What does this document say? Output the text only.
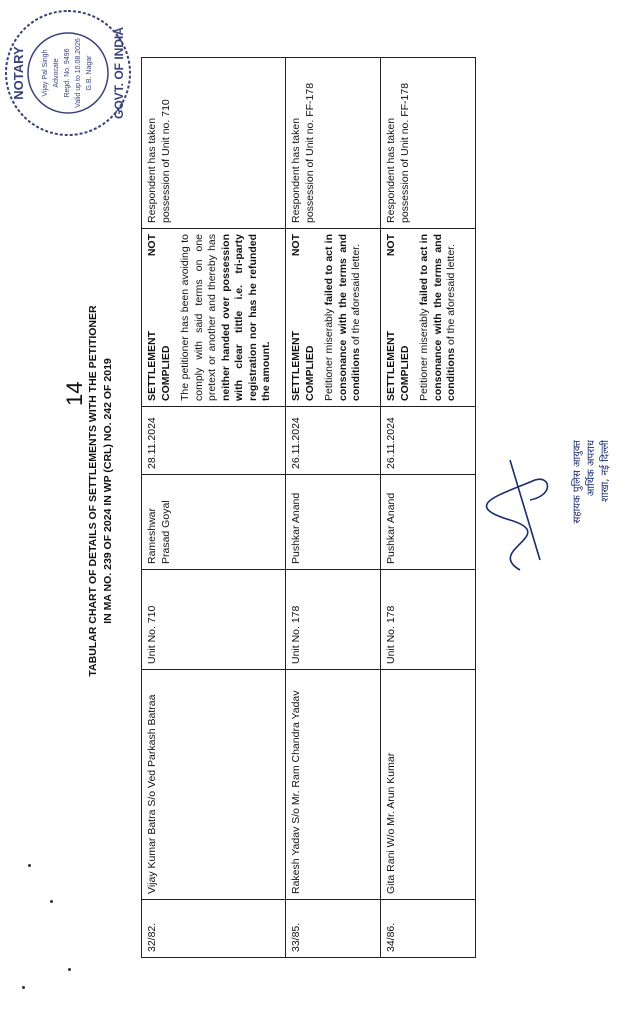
14 TABULAR CHART OF DETAILS OF SETTLEMENTS WITH THE PETITIONER IN MA NO. 239 OF 2024 IN WP (CRL) NO. 242 OF 2019
32/82.	Vijay Kumar Batra S/o Ved Parkash Batraa	Unit No. 710	Rameshwar Prasad Goyal	28.11.2024	SETTLEMENT
NOT
COMPLIED The petitioner has been avoiding to comply with said terms on one pretext or another and thereby has neither handed over possession with clear tittle i.e. tri-party registration nor has he refunded the amount.	Respondent has taken possession of Unit no. 710
33/85.	Rakesh Yadav S/o Mr. Ram Chandra Yadav	Unit No. 178	Pushkar Anand	26.11.2024	SETTLEMENT
NOT
COMPLIED Petitioner miserably failed to act in consonance with the terms and conditions of the aforesaid letter.	Respondent has taken possession of Unit no. FF-178
34/86.	Gita Rani W/o Mr. Arun Kumar	Unit No. 178	Pushkar Anand	26.11.2024	SETTLEMENT
NOT
COMPLIED Petitioner miserably failed to act in consonance with the terms and conditions of the aforesaid letter.	Respondent has taken possession of Unit no. FF-178
NOTARY	GOVT. OF INDIA
Vijay Pal Singh Advocate Regd. No. 9496 Valid up to 10.08.2026 G.B. Nagar
सहायक पुलिस आयुक्त आर्थिक अपराध शाखा, नई दिल्ली
